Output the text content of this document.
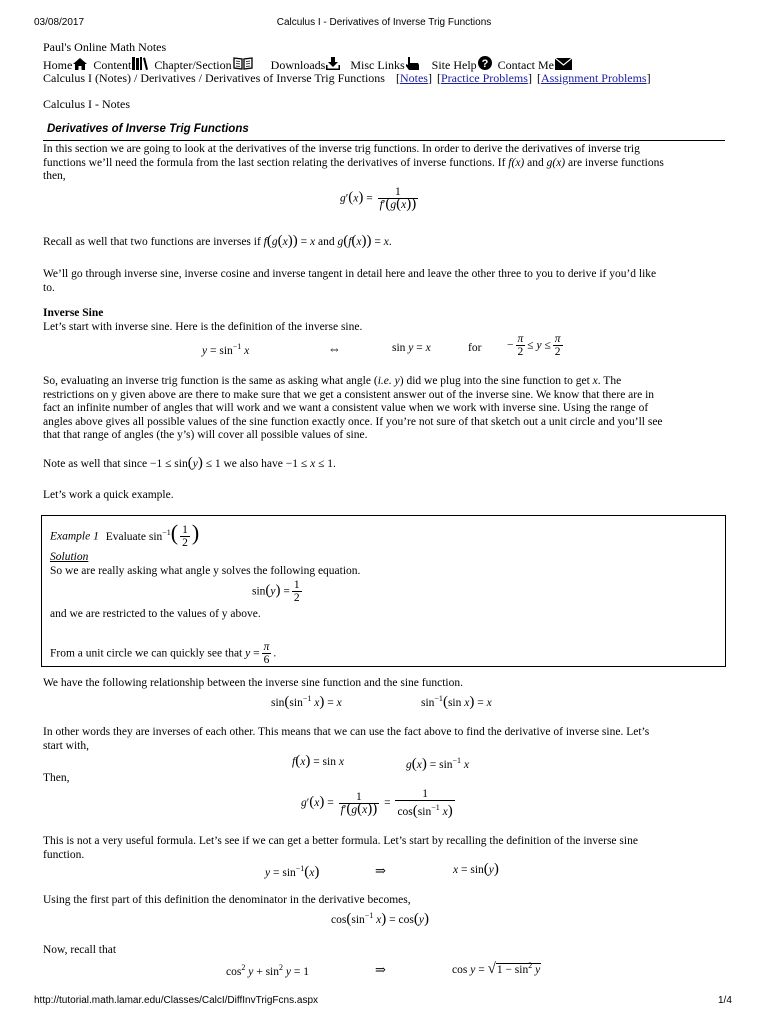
03/08/2017	Calculus I - Derivatives of Inverse Trig Functions
Paul's Online Math Notes
Home Content Chapter/Section	Downloads Misc Links Site Help ? Contact Me
Calculus I (Notes) / Derivatives / Derivatives of Inverse Trig Functions [Notes] [Practice Problems] [Assignment Problems]
Calculus I - Notes
Derivatives of Inverse Trig Functions
In this section we are going to look at the derivatives of the inverse trig functions. In order to derive the derivatives of inverse trig
functions we’ll need the formula from the last section relating the derivatives of inverse functions. If f(x) and g(x) are inverse functions
then,
$g'(x) = \frac{1}{f'(g(x))}$
Recall as well that two functions are inverses if f(g(x)) = x and g(f(x)) = x.
We’ll go through inverse sine, inverse cosine and inverse tangent in detail here and leave the other three to you to derive if you’d like
to.
Inverse Sine
Let’s start with inverse sine. Here is the definition of the inverse sine.
$y = \sin^{-1} x$	⇔	sin y = x	for − $\frac{\pi}{2} \le y \le \frac{\pi}{2}$
So, evaluating an inverse trig function is the same as asking what angle (i.e. y) did we plug into the sine function to get x. The
restrictions on y given above are there to make sure that we get a consistent answer out of the inverse sine. We know that there are in
fact an infinite number of angles that will work and we want a consistent value when we work with inverse sine. Using the range of
angles above gives all possible values of the sine function exactly once. If you’re not sure of that sketch out a unit circle and you’ll see
that that range of angles (the y’s) will cover all possible values of sine.
Note as well that since −1 ≤ sin(y) ≤ 1 we also have −1 ≤ x ≤ 1.
Let’s work a quick example.
Example 1 Evaluate $\sin^{-1}( \frac{1}{2}$ )
Solution
So we are really asking what angle y solves the following equation.
$\sin(y) = \frac{1}{2}$
and we are restricted to the values of y above.
From a unit circle we can quickly see that $y = \frac{\pi}{6}$ .
We have the following relationship between the inverse sine function and the sine function.
$\sin(\sin^{-1}$ x) = x	$\sin^{-1}(\sin$ x) = x
In other words they are inverses of each other. This means that we can use the fact above to find the derivative of inverse sine. Let’s
start with,
f(x) = sin x	$g(x) = \sin^{-1} x$
Then,
$g'(x) = \frac{1}{f'(g(x))} = \frac{1}{\cos(\sin^{-1} x)}$
This is not a very useful formula. Let’s see if we can get a better formula. Let’s start by recalling the definition of the inverse sine
function.
$y = \sin^{-1}(x)$	⇒	x = sin(y)
Using the first part of this definition the denominator in the derivative becomes,
$\cos(\sin^{-1}$ x) = cos(y)
Now, recall that
$\cos^2 y + \sin^2 y = 1$	⇒	$\cos y = √1 - \sin^2 y$
http://tutorial.math.lamar.edu/Classes/CalcI/DiffInvTrigFcns.aspx	1/4
